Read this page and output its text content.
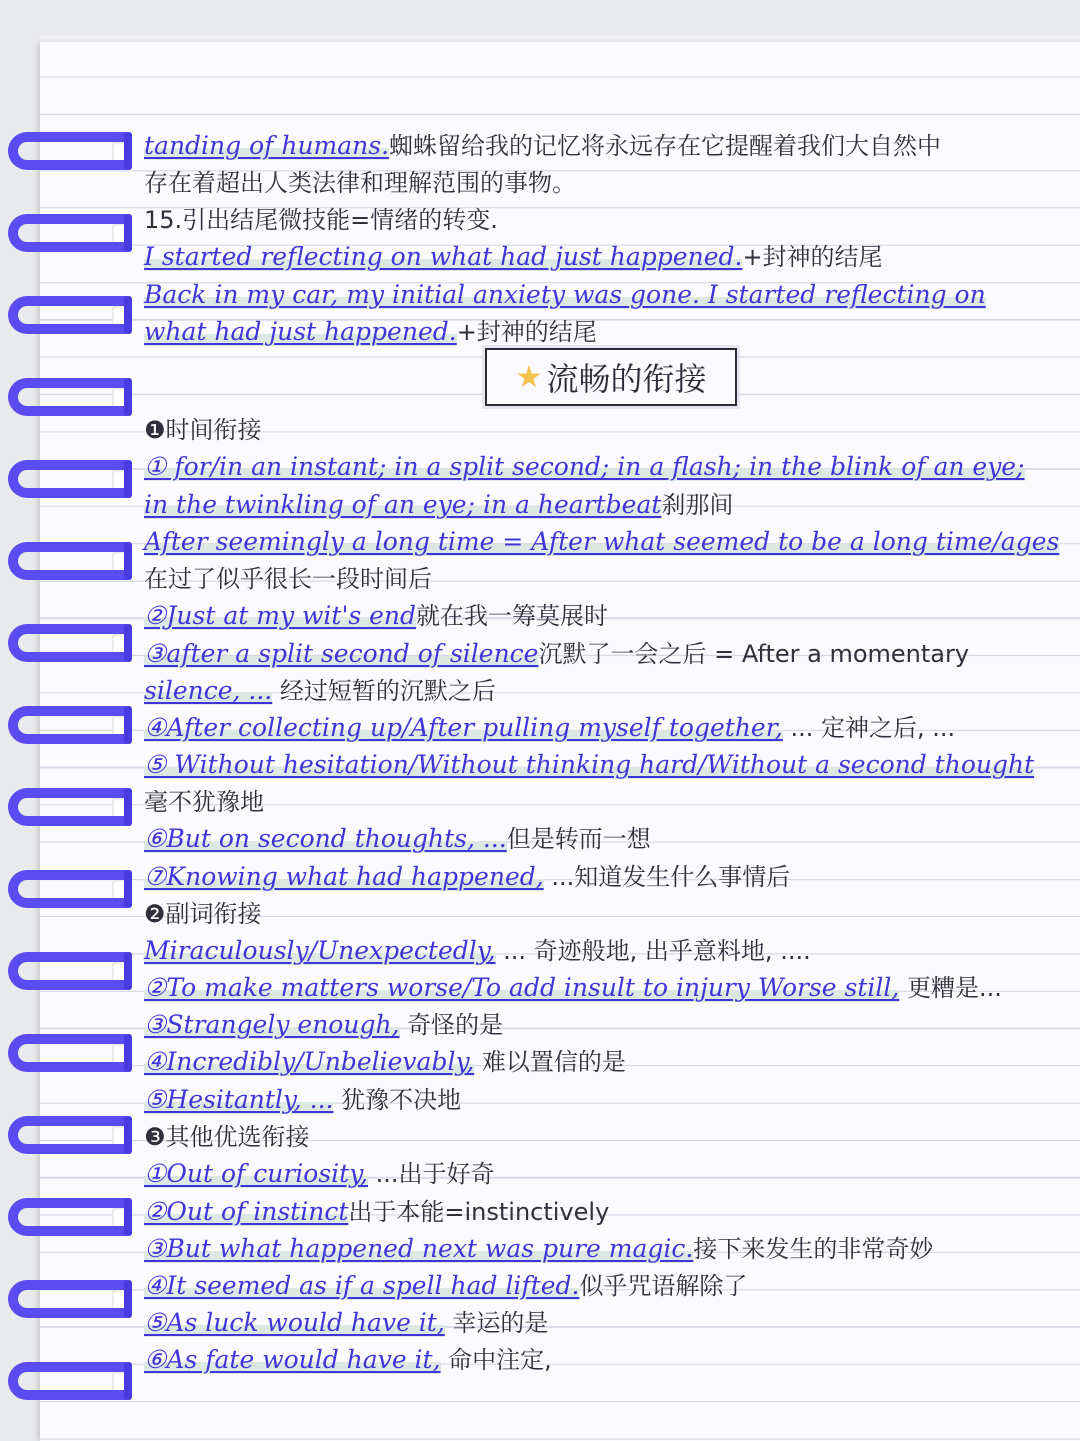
★ 流畅的衔接
tanding of humans.蜘蛛留给我的记忆将永远存在它提醒着我们大自然中
存在着超出人类法律和理解范围的事物。
15.引出结尾微技能=情绪的转变.
I started reflecting on what had just happened.+封神的结尾
Back in my car, my initial anxiety was gone. I started reflecting on
what had just happened.+封神的结尾
❶时间衔接
① for/in an instant; in a split second; in a flash; in the blink of an eye;
in the twinkling of an eye; in a heartbeat刹那间
After seemingly a long time = After what seemed to be a long time/ages
在过了似乎很长一段时间后
②Just at my wit's end就在我一筹莫展时
③after a split second of silence沉默了一会之后 = After a momentary
silence, ... 经过短暂的沉默之后
④After collecting up/After pulling myself together, ... 定神之后, ...
⑤ Without hesitation/Without thinking hard/Without a second thought
毫不犹豫地
⑥But on second thoughts, ...但是转而一想
⑦Knowing what had happened, ...知道发生什么事情后
❷副词衔接
Miraculously/Unexpectedly, ... 奇迹般地, 出乎意料地, ....
②To make matters worse/To add insult to injury Worse still, 更糟是...
③Strangely enough, 奇怪的是
④Incredibly/Unbelievably, 难以置信的是
⑤Hesitantly, ... 犹豫不决地
❸其他优选衔接
①Out of curiosity, ...出于好奇
②Out of instinct出于本能=instinctively
③But what happened next was pure magic.接下来发生的非常奇妙
④It seemed as if a spell had lifted.似乎咒语解除了
⑤As luck would have it, 幸运的是
⑥As fate would have it, 命中注定,
